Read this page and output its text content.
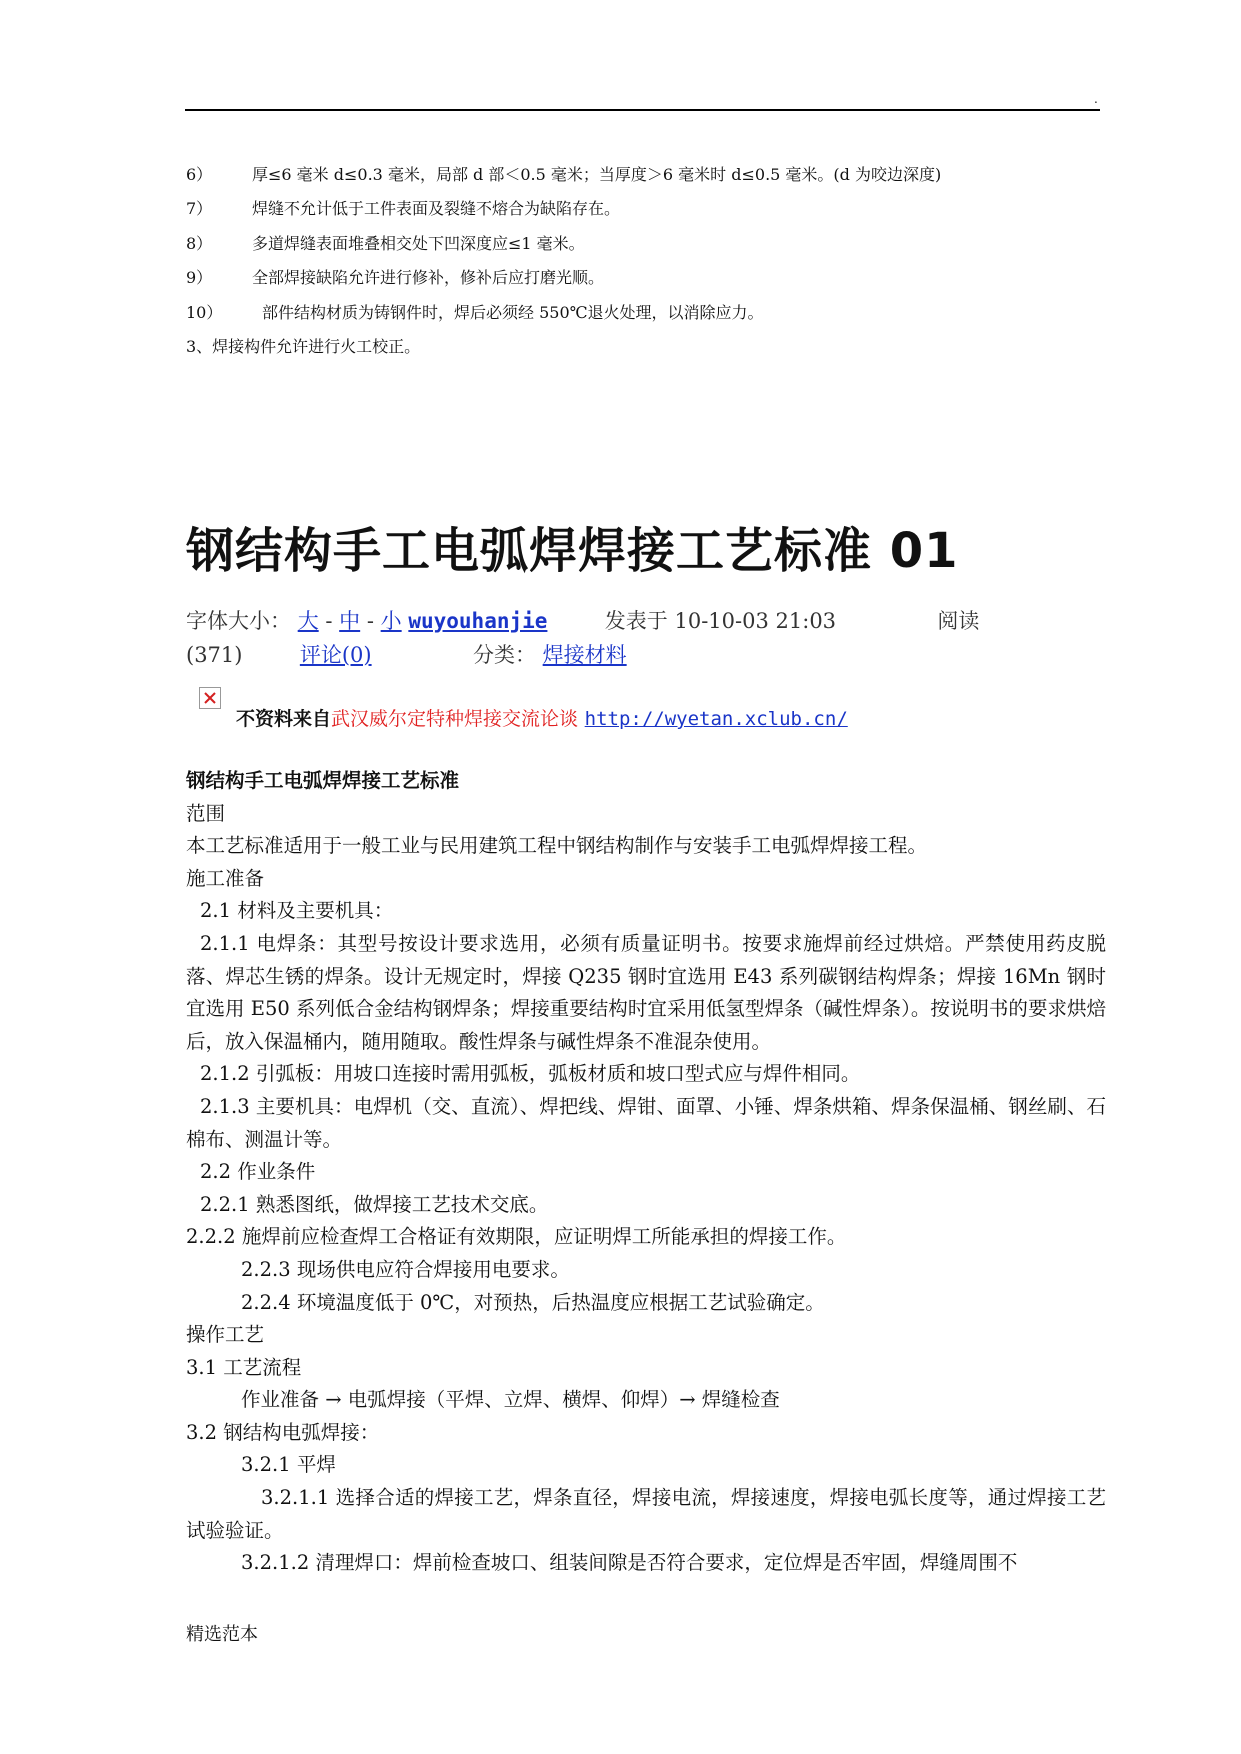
.
6）	厚≤6 毫米 d≤0.3 毫米，局部 d 部＜0.5 毫米；当厚度＞6 毫米时 d≤0.5 毫米。(d 为咬边深度)
7）	焊缝不允计低于工件表面及裂缝不熔合为缺陷存在。
8）	多道焊缝表面堆叠相交处下凹深度应≤1 毫米。
9）	全部焊接缺陷允许进行修补，修补后应打磨光顺。
10）	部件结构材质为铸钢件时，焊后必须经 550℃退火处理，以消除应力。
3、焊接构件允许进行火工校正。
钢结构手工电弧焊焊接工艺标准 01
字体大小： 大 - 中 - 小 wuyouhanjie	发表于 10-10-03 21:03	阅读
(371)	评论(0)	分类： 焊接材料
不资料来自武汉威尔定特种焊接交流论谈 http://wyetan.xclub.cn/

钢结构手工电弧焊焊接工艺标准

范围

本工艺标准适用于一般工业与民用建筑工程中钢结构制作与安装手工电弧焊焊接工程。

施工准备

2.1 材料及主要机具：

2.1.1 电焊条：其型号按设计要求选用，必须有质量证明书。按要求施焊前经过烘焙。严禁使用药皮脱落、焊芯生锈的焊条。设计无规定时，焊接 Q235 钢时宜选用 E43 系列碳钢结构焊条；焊接 16Mn 钢时宜选用 E50 系列低合金结构钢焊条；焊接重要结构时宜采用低氢型焊条（碱性焊条）。按说明书的要求烘焙后，放入保温桶内，随用随取。酸性焊条与碱性焊条不准混杂使用。

2.1.2 引弧板：用坡口连接时需用弧板，弧板材质和坡口型式应与焊件相同。

2.1.3 主要机具：电焊机（交、直流）、焊把线、焊钳、面罩、小锤、焊条烘箱、焊条保温桶、钢丝刷、石棉布、测温计等。

2.2 作业条件

2.2.1 熟悉图纸，做焊接工艺技术交底。

2.2.2 施焊前应检查焊工合格证有效期限，应证明焊工所能承担的焊接工作。

2.2.3 现场供电应符合焊接用电要求。

2.2.4 环境温度低于 0℃，对预热，后热温度应根据工艺试验确定。

操作工艺

3.1 工艺流程

作业准备 → 电弧焊接（平焊、立焊、横焊、仰焊）→ 焊缝检查

3.2 钢结构电弧焊接：

3.2.1 平焊

3.2.1.1 选择合适的焊接工艺，焊条直径，焊接电流，焊接速度，焊接电弧长度等，通过焊接工艺试验验证。

3.2.1.2 清理焊口：焊前检查坡口、组装间隙是否符合要求，定位焊是否牢固，焊缝周围不

精选范本
